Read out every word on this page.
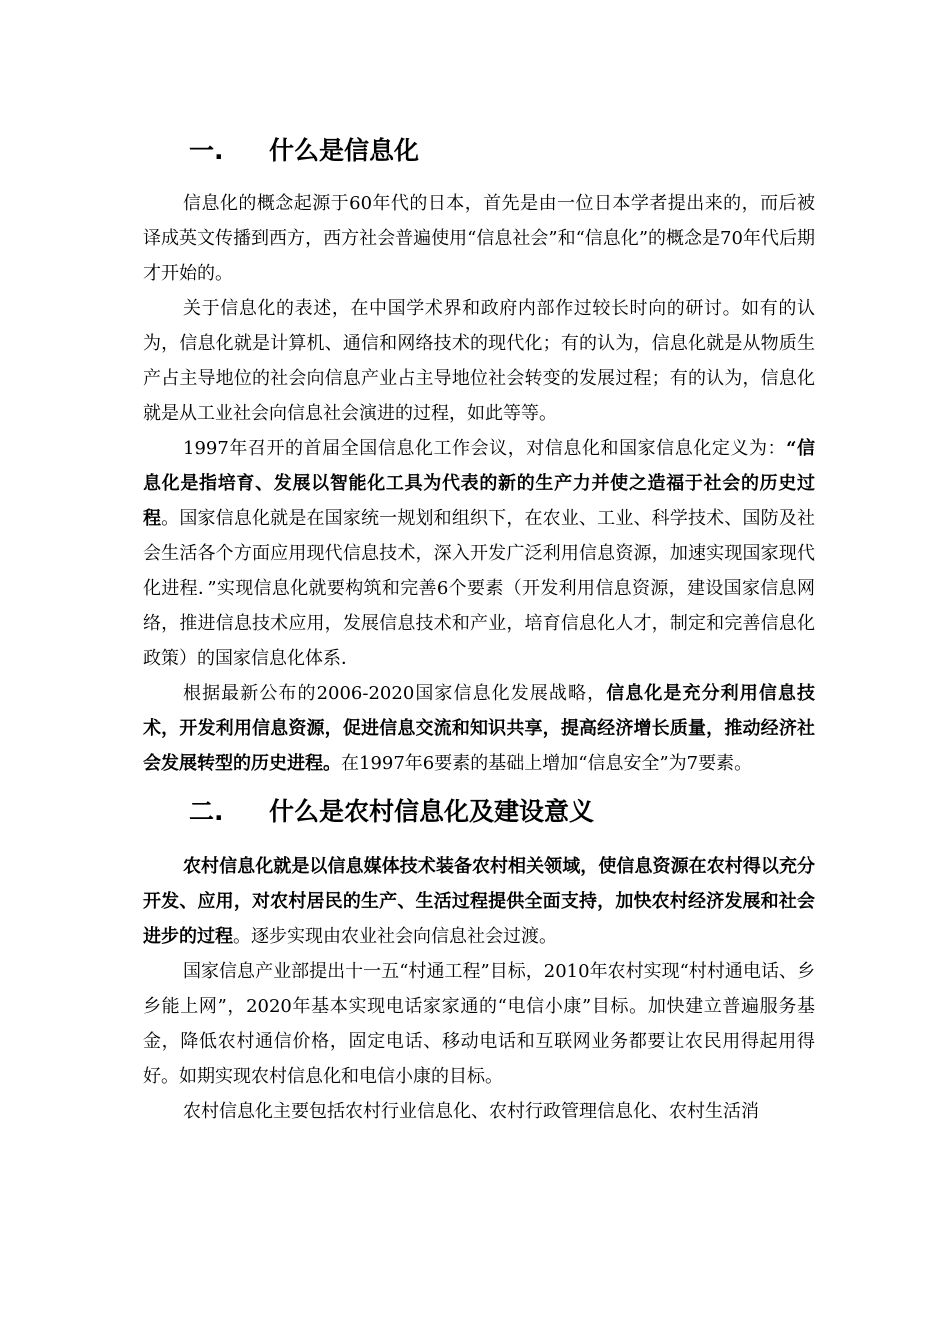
一.	什么是信息化

信息化的概念起源于60年代的日本，首先是由一位日本学者提出来的，而后被译成英文传播到西方，西方社会普遍使用“信息社会”和“信息化”的概念是70年代后期才开始的。

关于信息化的表述，在中国学术界和政府内部作过较长时向的研讨。如有的认为，信息化就是计算机、通信和网络技术的现代化；有的认为，信息化就是从物质生产占主导地位的社会向信息产业占主导地位社会转变的发展过程；有的认为，信息化就是从工业社会向信息社会演进的过程，如此等等。

1997年召开的首届全国信息化工作会议，对信息化和国家信息化定义为：“信息化是指培育、发展以智能化工具为代表的新的生产力并使之造福于社会的历史过程。国家信息化就是在国家统一规划和组织下，在农业、工业、科学技术、国防及社会生活各个方面应用现代信息技术，深入开发广泛利用信息资源，加速实现国家现代化进程．”实现信息化就要构筑和完善6个要素（开发利用信息资源，建设国家信息网络，推进信息技术应用，发展信息技术和产业，培育信息化人才，制定和完善信息化政策）的国家信息化体系．

根据最新公布的2006-2020国家信息化发展战略，信息化是充分利用信息技术，开发利用信息资源，促进信息交流和知识共享，提高经济增长质量，推动经济社会发展转型的历史进程。在1997年6要素的基础上增加“信息安全”为7要素。

二.	什么是农村信息化及建设意义

农村信息化就是以信息媒体技术装备农村相关领域，使信息资源在农村得以充分开发、应用，对农村居民的生产、生活过程提供全面支持，加快农村经济发展和社会进步的过程。逐步实现由农业社会向信息社会过渡。

国家信息产业部提出十一五“村通工程”目标，2010年农村实现“村村通电话、乡乡能上网”，2020年基本实现电话家家通的“电信小康”目标。加快建立普遍服务基金，降低农村通信价格，固定电话、移动电话和互联网业务都要让农民用得起用得好。如期实现农村信息化和电信小康的目标。

农村信息化主要包括农村行业信息化、农村行政管理信息化、农村生活消
